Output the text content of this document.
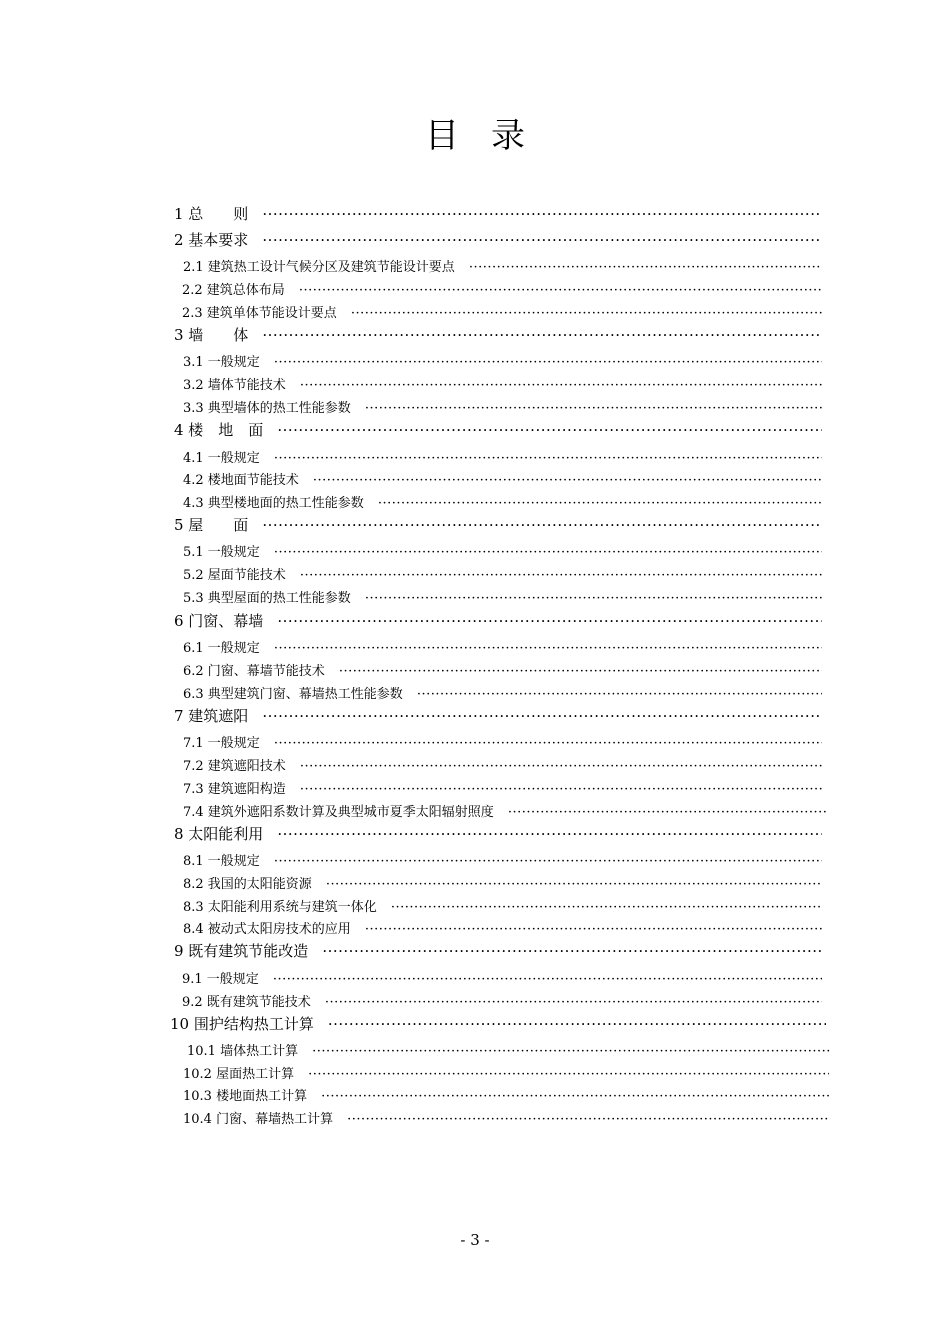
目 录
1 总　　则
·····
2 基本要求
·····
2.1 建筑热工设计气候分区及建筑节能设计要点
·····
2.2 建筑总体布局
·····
2.3 建筑单体节能设计要点
·····
3 墙　　体
·····
3.1 一般规定
·····
3.2 墙体节能技术
·····
3.3 典型墙体的热工性能参数
·····
4 楼　地　面
·····
4.1 一般规定
·····
4.2 楼地面节能技术
·····
4.3 典型楼地面的热工性能参数
·····
5 屋　　面
·····
5.1 一般规定
·····
5.2 屋面节能技术
·····
5.3 典型屋面的热工性能参数
·····
6 门窗、幕墙
·····
6.1 一般规定
·····
6.2 门窗、幕墙节能技术
·····
6.3 典型建筑门窗、幕墙热工性能参数
·····
7 建筑遮阳
·····
7.1 一般规定
·····
7.2 建筑遮阳技术
·····
7.3 建筑遮阳构造
·····
7.4 建筑外遮阳系数计算及典型城市夏季太阳辐射照度
·····
8 太阳能利用
·····
8.1 一般规定
·····
8.2 我国的太阳能资源
·····
8.3 太阳能利用系统与建筑一体化
·····
8.4 被动式太阳房技术的应用
·····
9 既有建筑节能改造
·····
9.1 一般规定
·····
9.2 既有建筑节能技术
·····
10 围护结构热工计算
·····
10.1 墙体热工计算
·····
10.2 屋面热工计算
·····
10.3 楼地面热工计算
·····
10.4 门窗、幕墙热工计算
·····
- 3 -
